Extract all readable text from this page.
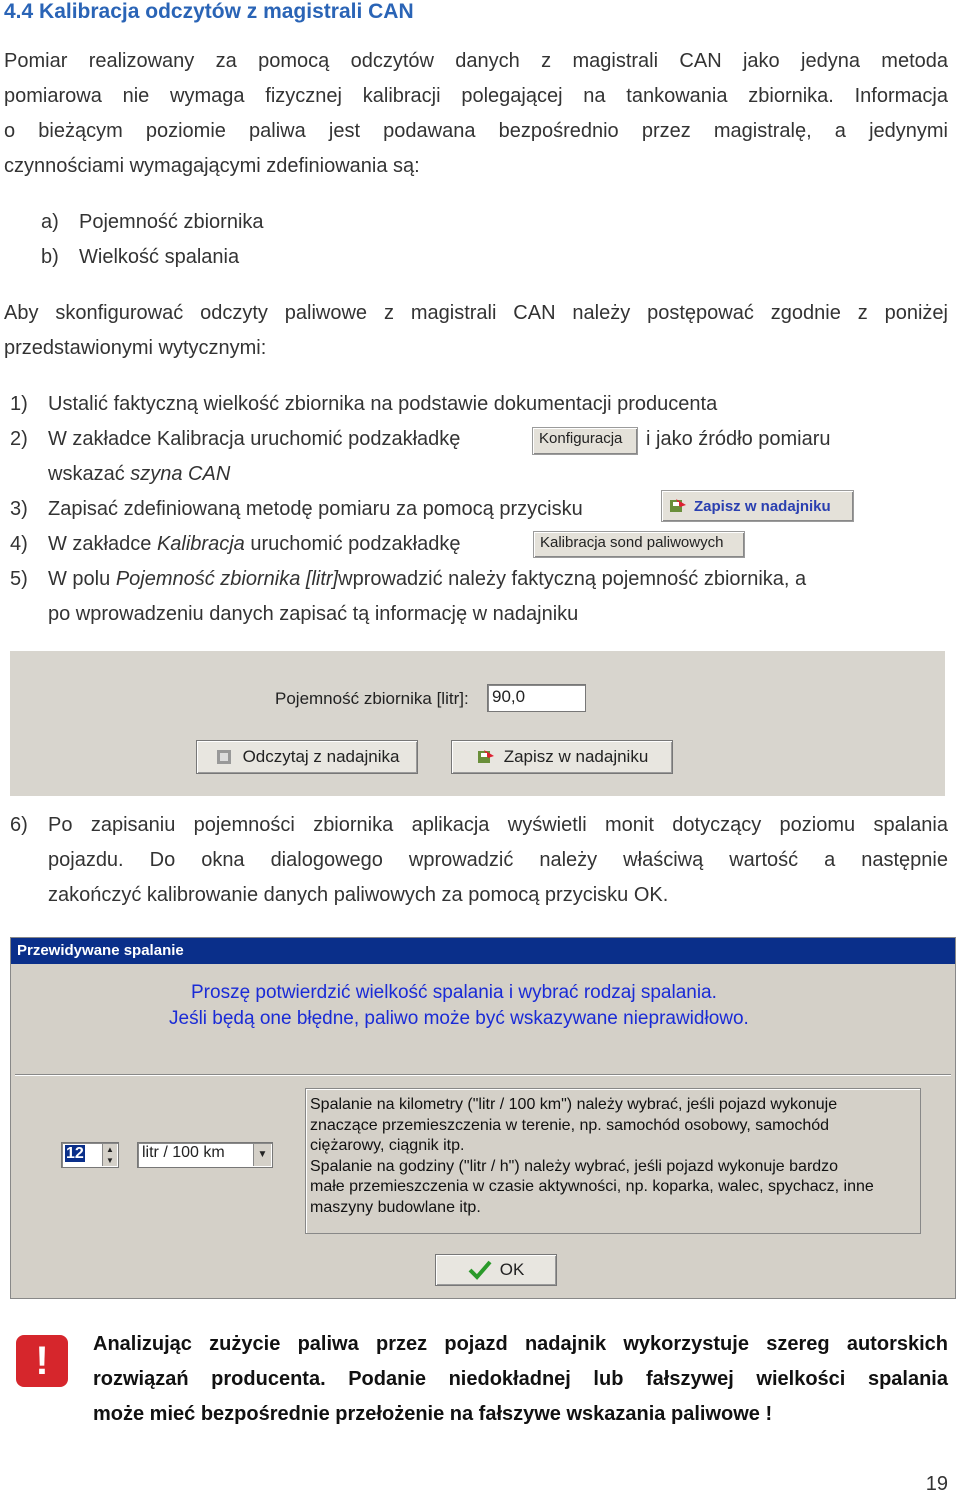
4.4 Kalibracja odczytów z magistrali CAN
Pomiar realizowany za pomocą odczytów danych z magistrali CAN jako jedyna metoda
pomiarowa nie wymaga fizycznej kalibracji polegającej na tankowania zbiornika. Informacja
o bieżącym poziomie paliwa jest podawana bezpośrednio przez magistralę, a jedynymi
czynnościami wymagającymi zdefiniowania są:
a) Pojemność zbiornika
b) Wielkość spalania
Aby skonfigurować odczyty paliwowe z magistrali CAN należy postępować zgodnie z poniżej
przedstawionymi wytycznymi:
1) Ustalić faktyczną wielkość zbiornika na podstawie dokumentacji producenta
2) W zakładce Kalibracja uruchomić podzakładkę	Konfiguracja	i jako źródło pomiaru
wskazać szyna CAN
3) Zapisać zdefiniowaną metodę pomiaru za pomocą przycisku	Zapisz w nadajniku
4) W zakładce Kalibracja uruchomić podzakładkę	Kalibracja sond paliwowych
5) W polu Pojemność zbiornika [litr]wprowadzić należy faktyczną pojemność zbiornika, a
po wprowadzeniu danych zapisać tą informację w nadajniku
Pojemność zbiornika [litr]: 90,0
Odczytaj z nadajnika	Zapisz w nadajniku
6) Po zapisaniu pojemności zbiornika aplikacja wyświetli monit dotyczący poziomu spalania
pojazdu. Do okna dialogowego wprowadzić należy właściwą wartość a następnie
zakończyć kalibrowanie danych paliwowych za pomocą przycisku OK.
Przewidywane spalanie
Proszę potwierdzić wielkość spalania i wybrać rodzaj spalania.
Jeśli będą one błędne, paliwo może być wskazywane nieprawidłowo.
12	▲
▼	litr / 100 km	▼
Spalanie na kilometry ("litr / 100 km") należy wybrać, jeśli pojazd wykonuje
znaczące przemieszczenia w terenie, np. samochód osobowy, samochód
ciężarowy, ciągnik itp.
Spalanie na godziny ("litr / h") należy wybrać, jeśli pojazd wykonuje bardzo
małe przemieszczenia w czasie aktywności, np. koparka, walec, spychacz, inne
maszyny budowlane itp.
OK
! Analizując zużycie paliwa przez pojazd nadajnik wykorzystuje szereg autorskich
rozwiązań producenta. Podanie niedokładnej lub fałszywej wielkości spalania
może mieć bezpośrednie przełożenie na fałszywe wskazania paliwowe !
19
